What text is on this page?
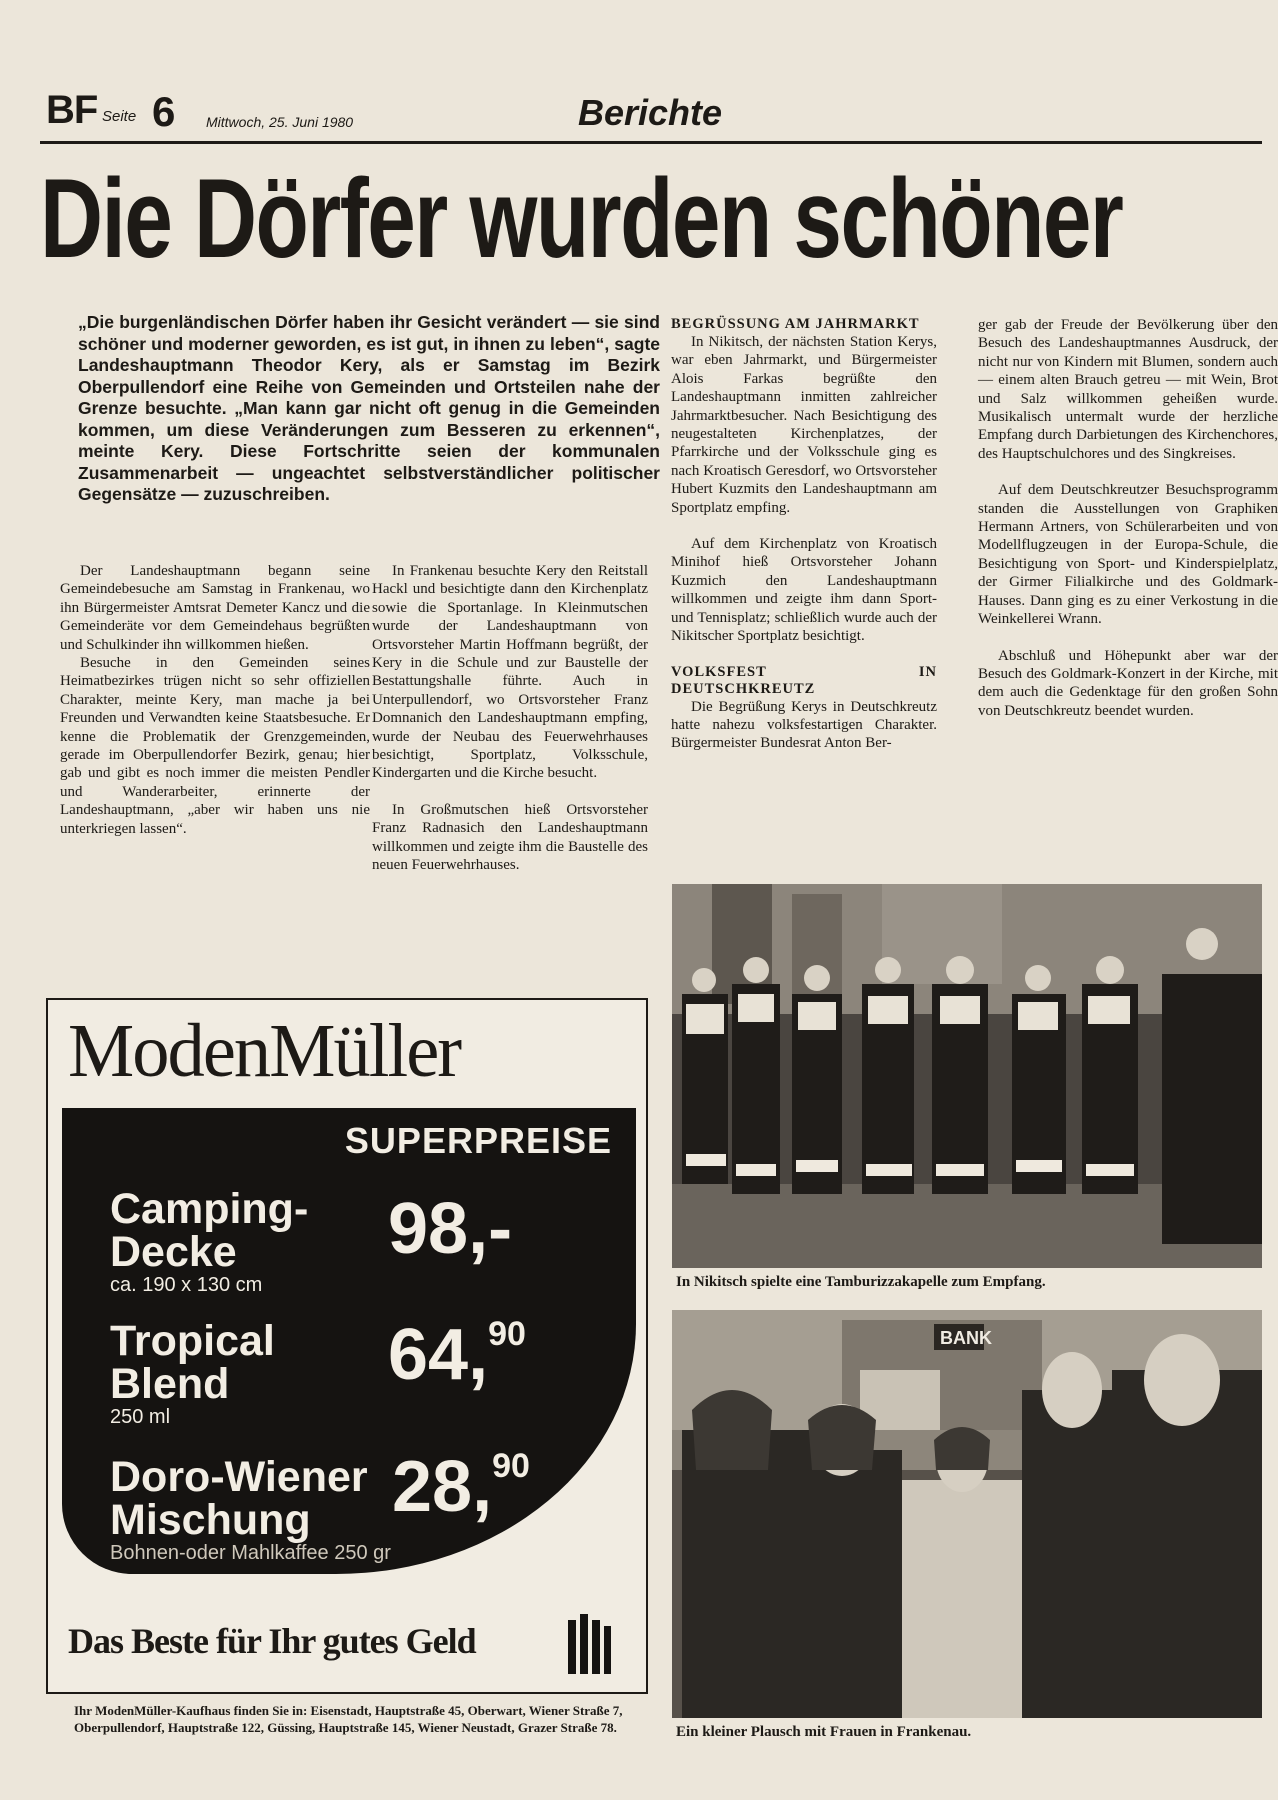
BF Seite 6 Mittwoch, 25. Juni 1980	Berichte
Die Dörfer wurden schöner

„Die burgenländischen Dörfer haben ihr Gesicht verändert — sie sind schöner und moderner geworden, es ist gut, in ihnen zu leben“, sagte Landeshauptmann Theodor Kery, als er Samstag im Bezirk Oberpullendorf eine Reihe von Gemeinden und Ortsteilen nahe der Grenze besuchte. „Man kann gar nicht oft genug in die Gemeinden kommen, um diese Veränderungen zum Besseren zu erkennen“, meinte Kery. Diese Fortschritte seien der kommunalen Zusammenarbeit — ungeachtet selbstverständlicher politischer Gegensätze — zuzuschreiben.

Der Landeshauptmann begann seine Gemeindebesuche am Samstag in Frankenau, wo ihn Bürgermeister Amtsrat Demeter Kancz und die Gemeinderäte vor dem Gemeindehaus begrüßten und Schulkinder ihn willkommen hießen.

Besuche in den Gemeinden seines Heimatbezirkes trügen nicht so sehr offiziellen Charakter, meinte Kery, man mache ja bei Freunden und Verwandten keine Staatsbesuche. Er kenne die Problematik der Grenzgemeinden, gerade im Oberpullendorfer Bezirk, genau; hier gab und gibt es noch immer die meisten Pendler und Wanderarbeiter, erinnerte der Landeshauptmann, „aber wir haben uns nie unterkriegen lassen“.

In Frankenau besuchte Kery den Reitstall Hackl und besichtigte dann den Kirchenplatz sowie die Sportanlage. In Kleinmutschen wurde der Landeshauptmann von Ortsvorsteher Martin Hoffmann begrüßt, der Kery in die Schule und zur Baustelle der Bestattungshalle führte. Auch in Unterpullendorf, wo Ortsvorsteher Franz Domnanich den Landeshauptmann empfing, wurde der Neubau des Feuerwehrhauses besichtigt, Sportplatz, Volksschule, Kindergarten und die Kirche besucht.

In Großmutschen hieß Ortsvorsteher Franz Radnasich den Landeshauptmann willkommen und zeigte ihm die Baustelle des neuen Feuerwehrhauses.

BEGRÜSSUNG AM JAHRMARKT

In Nikitsch, der nächsten Station Kerys, war eben Jahrmarkt, und Bürgermeister Alois Farkas begrüßte den Landeshauptmann inmitten zahlreicher Jahrmarktbesucher. Nach Besichtigung des neugestalteten Kirchenplatzes, der Pfarrkirche und der Volksschule ging es nach Kroatisch Geresdorf, wo Ortsvorsteher Hubert Kuzmits den Landeshauptmann am Sportplatz empfing.

Auf dem Kirchenplatz von Kroatisch Minihof hieß Ortsvorsteher Johann Kuzmich den Landeshauptmann willkommen und zeigte ihm dann Sport- und Tennisplatz; schließlich wurde auch der Nikitscher Sportplatz besichtigt.

VOLKSFEST IN DEUTSCHKREUTZ

Die Begrüßung Kerys in Deutschkreutz hatte nahezu volksfestartigen Charakter. Bürgermeister Bundesrat Anton Ber-

ger gab der Freude der Bevölkerung über den Besuch des Landeshauptmannes Ausdruck, der nicht nur von Kindern mit Blumen, sondern auch — einem alten Brauch getreu — mit Wein, Brot und Salz willkommen geheißen wurde. Musikalisch untermalt wurde der herzliche Empfang durch Darbietungen des Kirchenchores, des Hauptschulchores und des Singkreises.

Auf dem Deutschkreutzer Besuchsprogramm standen die Ausstellungen von Graphiken Hermann Artners, von Schülerarbeiten und von Modellflugzeugen in der Europa-Schule, die Besichtigung von Sport- und Kinderspielplatz, der Girmer Filialkirche und des Goldmark-Hauses. Dann ging es zu einer Verkostung in die Weinkellerei Wrann.

Abschluß und Höhepunkt aber war der Besuch des Goldmark-Konzert in der Kirche, mit dem auch die Gedenktage für den großen Sohn von Deutschkreutz beendet wurden.

ModenMüller
SUPERPREISE
Camping-
Decke
ca. 190 x 130 cm
98,-
Tropical
Blend
250 ml
64,90
Doro-Wiener
Mischung
Bohnen-oder Mahlkaffee 250 gr
28,90
Das Beste für Ihr gutes Geld
Ihr ModenMüller-Kaufhaus finden Sie in: Eisenstadt, Hauptstraße 45, Oberwart, Wiener Straße 7, Oberpullendorf, Hauptstraße 122, Güssing, Hauptstraße 145, Wiener Neustadt, Grazer Straße 78.
In Nikitsch spielte eine Tamburizzakapelle zum Empfang.
BANK
Ein kleiner Plausch mit Frauen in Frankenau.
